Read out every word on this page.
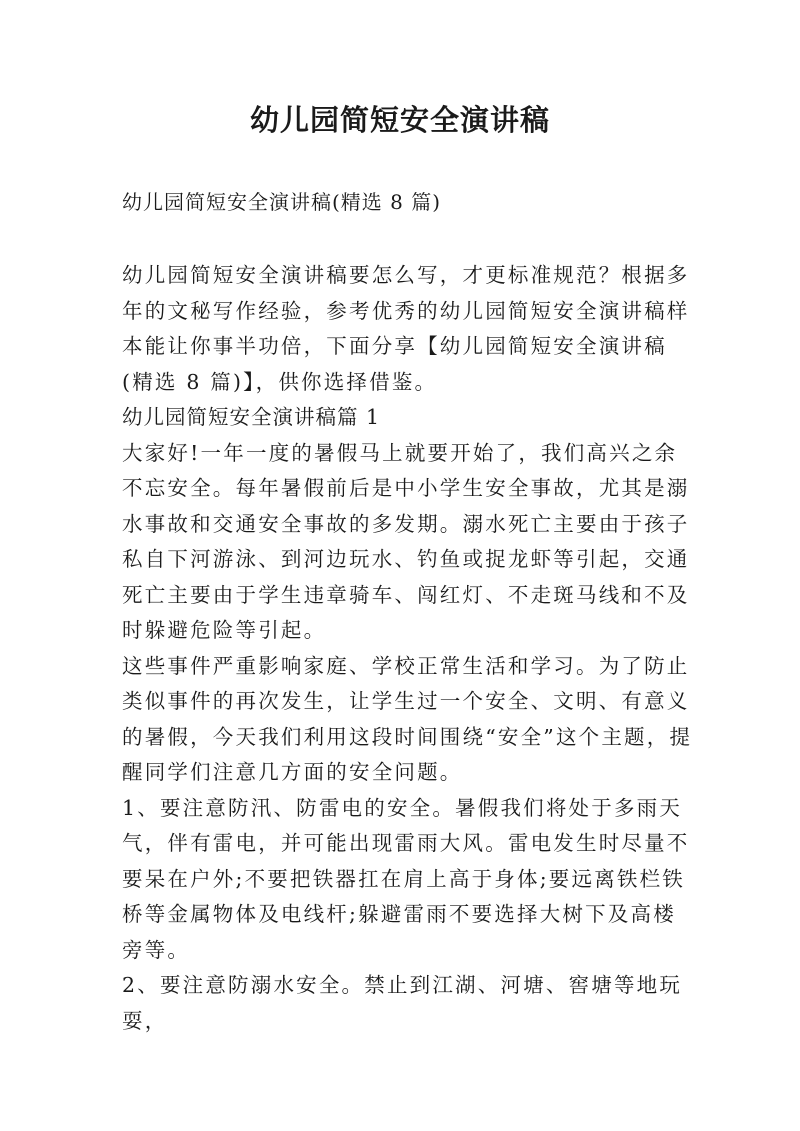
幼儿园简短安全演讲稿
幼儿园简短安全演讲稿(精选 8 篇)

幼儿园简短安全演讲稿要怎么写，才更标准规范？根据多年的文秘写作经验，参考优秀的幼儿园简短安全演讲稿样本能让你事半功倍，下面分享【幼儿园简短安全演讲稿(精选 8 篇)】，供你选择借鉴。

幼儿园简短安全演讲稿篇 1

大家好!一年一度的暑假马上就要开始了，我们高兴之余不忘安全。每年暑假前后是中小学生安全事故，尤其是溺水事故和交通安全事故的多发期。溺水死亡主要由于孩子私自下河游泳、到河边玩水、钓鱼或捉龙虾等引起，交通死亡主要由于学生违章骑车、闯红灯、不走斑马线和不及时躲避危险等引起。

这些事件严重影响家庭、学校正常生活和学习。为了防止类似事件的再次发生，让学生过一个安全、文明、有意义的暑假，今天我们利用这段时间围绕“安全”这个主题，提醒同学们注意几方面的安全问题。

1、要注意防汛、防雷电的安全。暑假我们将处于多雨天气，伴有雷电，并可能出现雷雨大风。雷电发生时尽量不要呆在户外;不要把铁器扛在肩上高于身体;要远离铁栏铁桥等金属物体及电线杆;躲避雷雨不要选择大树下及高楼旁等。

2、要注意防溺水安全。禁止到江湖、河塘、窖塘等地玩耍，
